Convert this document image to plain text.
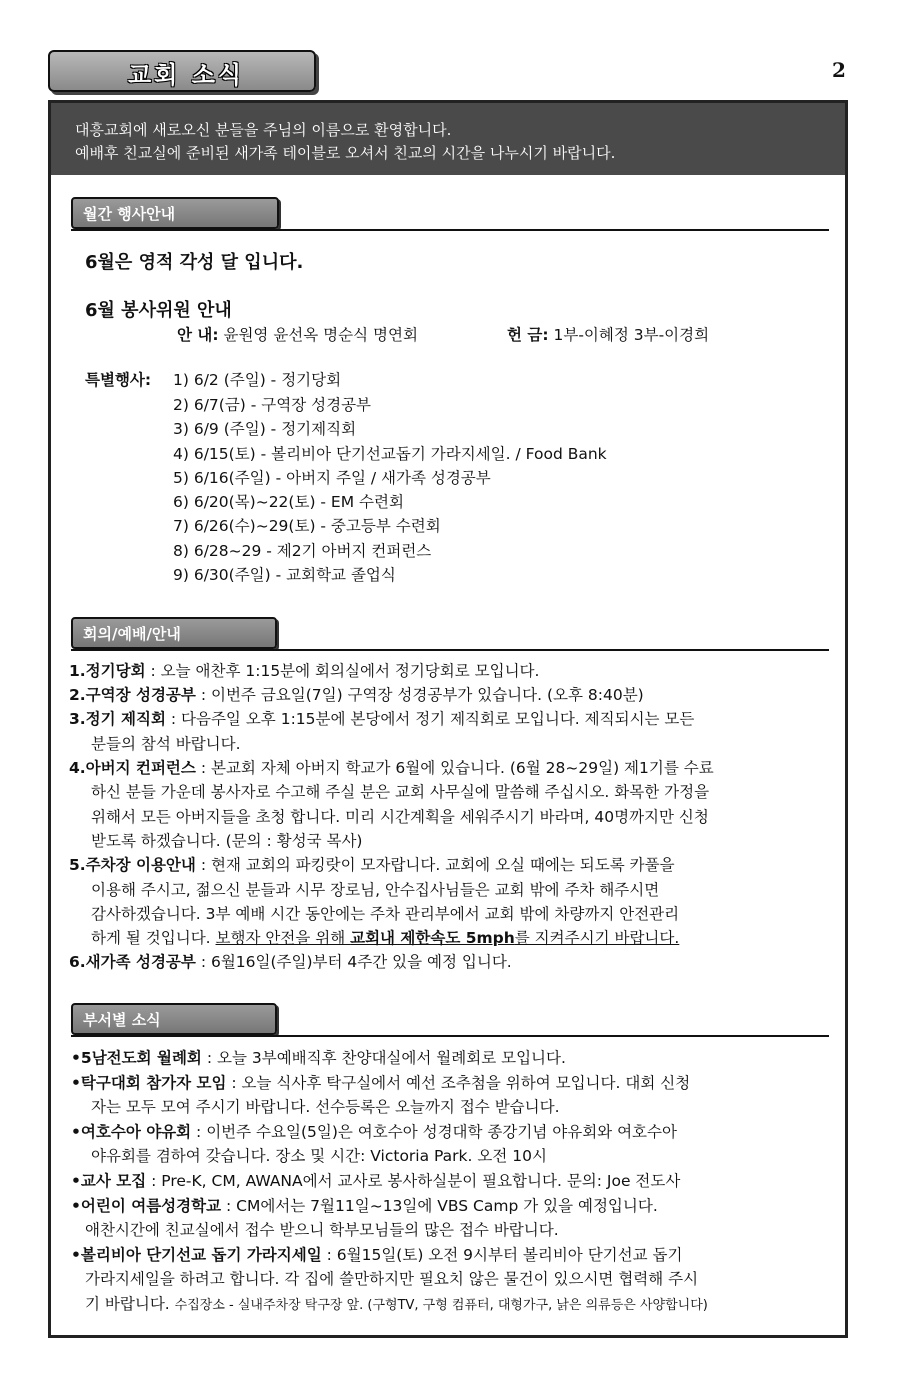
교회 소식	2
대흥교회에 새로오신 분들을 주님의 이름으로 환영합니다.
예배후 친교실에 준비된 새가족 테이블로 오셔서 친교의 시간을 나누시기 바랍니다.
월간 행사안내
6월은 영적 각성 달 입니다.
6월 봉사위원 안내
안 내: 윤원영 윤선옥 명순식 명연회	헌 금: 1부-이혜정 3부-이경희
특별행사: 1) 6/2 (주일) - 정기당회
2) 6/7(금) - 구역장 성경공부
3) 6/9 (주일) - 정기제직회
4) 6/15(토) - 볼리비아 단기선교돕기 가라지세일. / Food Bank
5) 6/16(주일) - 아버지 주일 / 새가족 성경공부
6) 6/20(목)~22(토) - EM 수련회
7) 6/26(수)~29(토) - 중고등부 수련회
8) 6/28~29 - 제2기 아버지 컨퍼런스
9) 6/30(주일) - 교회학교 졸업식
회의/예배/안내
1.정기당회 : 오늘 애찬후 1:15분에 회의실에서 정기당회로 모입니다.
2.구역장 성경공부 : 이번주 금요일(7일) 구역장 성경공부가 있습니다. (오후 8:40분)
3.정기 제직회 : 다음주일 오후 1:15분에 본당에서 정기 제직회로 모입니다. 제직되시는 모든
분들의 참석 바랍니다.
4.아버지 컨퍼런스 : 본교회 자체 아버지 학교가 6월에 있습니다. (6월 28~29일) 제1기를 수료
하신 분들 가운데 봉사자로 수고해 주실 분은 교회 사무실에 말씀해 주십시오. 화목한 가정을
위해서 모든 아버지들을 초청 합니다. 미리 시간계획을 세워주시기 바라며, 40명까지만 신청
받도록 하겠습니다. (문의 : 황성국 목사)
5.주차장 이용안내 : 현재 교회의 파킹랏이 모자랍니다. 교회에 오실 때에는 되도록 카풀을
이용해 주시고, 젊으신 분들과 시무 장로님, 안수집사님들은 교회 밖에 주차 해주시면
감사하겠습니다. 3부 예배 시간 동안에는 주차 관리부에서 교회 밖에 차량까지 안전관리
하게 될 것입니다. 보행자 안전을 위해 교회내 제한속도 5mph를 지켜주시기 바랍니다.
6.새가족 성경공부 : 6월16일(주일)부터 4주간 있을 예정 입니다.
부서별 소식
•5남전도회 월례회 : 오늘 3부예배직후 찬양대실에서 월례회로 모입니다.
•탁구대회 참가자 모임 : 오늘 식사후 탁구실에서 예선 조추첨을 위하여 모입니다. 대회 신청
자는 모두 모여 주시기 바랍니다. 선수등록은 오늘까지 접수 받습니다.
•여호수아 야유회 : 이번주 수요일(5일)은 여호수아 성경대학 종강기념 야유회와 여호수아
야유회를 겸하여 갖습니다. 장소 및 시간: Victoria Park. 오전 10시
•교사 모집 : Pre-K, CM, AWANA에서 교사로 봉사하실분이 필요합니다. 문의: Joe 전도사
•어린이 여름성경학교 : CM에서는 7월11일~13일에 VBS Camp 가 있을 예정입니다.
애찬시간에 친교실에서 접수 받으니 학부모님들의 많은 접수 바랍니다.
•볼리비아 단기선교 돕기 가라지세일 : 6월15일(토) 오전 9시부터 볼리비아 단기선교 돕기
가라지세일을 하려고 합니다. 각 집에 쓸만하지만 필요치 않은 물건이 있으시면 협력해 주시
기 바랍니다. 수집장소 - 실내주차장 탁구장 앞. (구형TV, 구형 컴퓨터, 대형가구, 낡은 의류등은 사양합니다)
